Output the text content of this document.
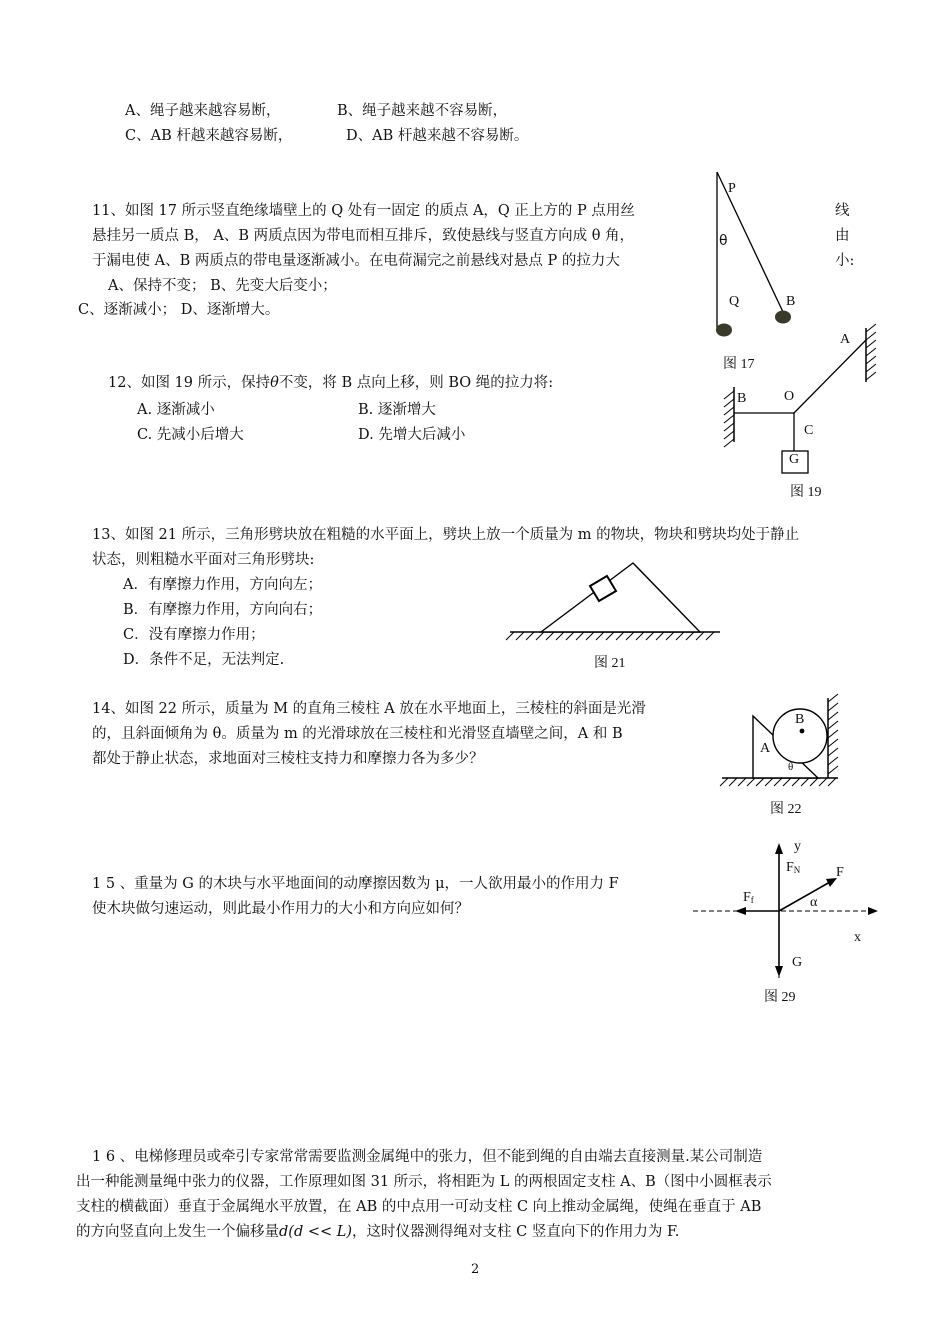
A、绳子越来越容易断，	B、绳子越来越不容易断，
C、AB 杆越来越容易断，	D、AB 杆越来越不容易断。
11、如图 17 所示竖直绝缘墙壁上的 Q 处有一固定 的质点 A，Q 正上方的 P 点用丝	线
悬挂另一质点 B， A、B 两质点因为带电而相互排斥，致使悬线与竖直方向成 θ 角，	由
于漏电使 A、B 两质点的带电量逐渐减小。在电荷漏完之前悬线对悬点 P 的拉力大	小:
A、保持不变； B、先变大后变小；
C、逐渐减小； D、逐渐增大。
P
θ
Q	B
图 17
12、如图 19 所示，保持θ不变，将 B 点向上移，则 BO 绳的拉力将:
A. 逐渐减小	B. 逐渐增大
C. 先减小后增大	D. 先增大后减小
A
B	O
C
G
图 19
13、如图 21 所示，三角形劈块放在粗糙的水平面上，劈块上放一个质量为 m 的物块，物块和劈块均处于静止
状态，则粗糙水平面对三角形劈块:
A．有摩擦力作用，方向向左；
B．有摩擦力作用，方向向右；
C．没有摩擦力作用；
D．条件不足，无法判定.	图 21
14、如图 22 所示，质量为 M 的直角三棱柱 A 放在水平地面上，三棱柱的斜面是光滑
的，且斜面倾角为 θ。质量为 m 的光滑球放在三棱柱和光滑竖直墙壁之间，A 和 B
都处于静止状态，求地面对三棱柱支持力和摩擦力各为多少？
B
A
θ
图 22
1 5 、重量为 G 的木块与水平地面间的动摩擦因数为 μ，一人欲用最小的作用力 F
使木块做匀速运动，则此最小作用力的大小和方向应如何？
y
$F_N$	F
$F_f$	α
x
G
图 29
1 6 、电梯修理员或牵引专家常常需要监测金属绳中的张力，但不能到绳的自由端去直接测量.某公司制造
出一种能测量绳中张力的仪器，工作原理如图 31 所示，将相距为 L 的两根固定支柱 A、B（图中小圆框表示
支柱的横截面）垂直于金属绳水平放置，在 AB 的中点用一可动支柱 C 向上推动金属绳，使绳在垂直于 AB
的方向竖直向上发生一个偏移量d(d << L)，这时仪器测得绳对支柱 C 竖直向下的作用力为 F.
2
